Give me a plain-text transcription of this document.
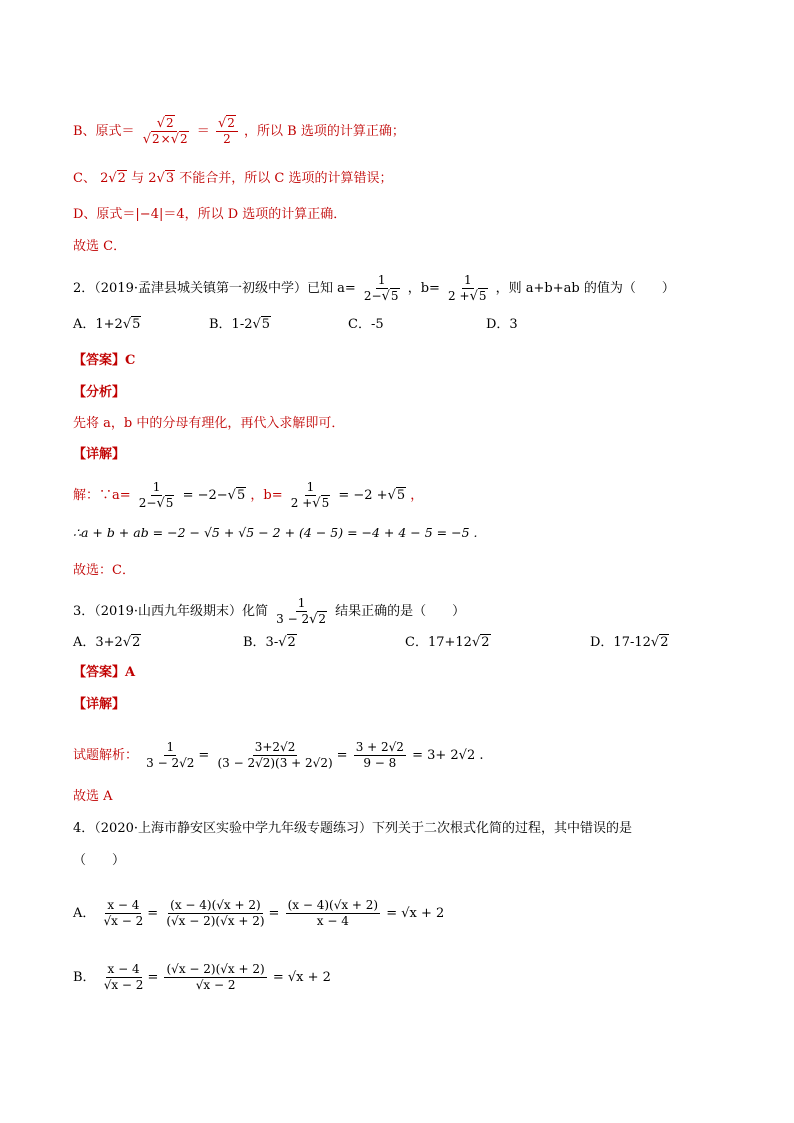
B、原式＝ $\frac{√2}{√2\times√2} = \frac{√2}{2}$ ，所以 B 选项的计算正确；
C、 2√2 与 2√3 不能合并，所以 C 选项的计算错误；
D、原式＝|−4|＝4，所以 D 选项的计算正确．
故选 C．
2．（2019·孟津县城关镇第一初级中学）已知 $a= \frac{1}{2-√5}$ ，$b= \frac{1}{2 +√5}$ ，则 a+b+ab 的值为（　　）
A．1+2√5	B．1-2√5	C．-5	D．3
【答案】C
【分析】
先将 a，b 中的分母有理化，再代入求解即可．
【详解】
解：∵a= $\frac{1}{2-√5} = -2-√5$ ，$b= \frac{1}{2 +√5} = -2 +√5$ ，
∴a + b + ab = −2 − √5 + √5 − 2 + (4 − 5) = −4 + 4 − 5 = −5 .
故选：C．
3．（2019·山西九年级期末）化简 $\frac{1}{3 - 2√2}$ 结果正确的是（　　）
A．3+2√2	B．3-√2	C．17+12√2	D．17-12√2
【答案】A
【详解】
试题解析： $\frac{1}{3 - 2√2} = \frac{3+2√2}{(3 - 2√2)(3 + 2√2)} = \frac{3 + 2√2}{9 - 8} = 3+ 2√2$ .
故选 A
4．（2020·上海市静安区实验中学九年级专题练习）下列关于二次根式化简的过程，其中错误的是
（　　）
A． $\frac{x - 4}{√x - 2} = \frac{(x - 4)(√x + 2)}{(√x - 2)(√x + 2)} = \frac{(x - 4)(√x + 2)}{x - 4} = √x + 2$
B． $\frac{x - 4}{√x - 2} = \frac{(√x - 2)(√x + 2)}{√x - 2} = √x + 2$
